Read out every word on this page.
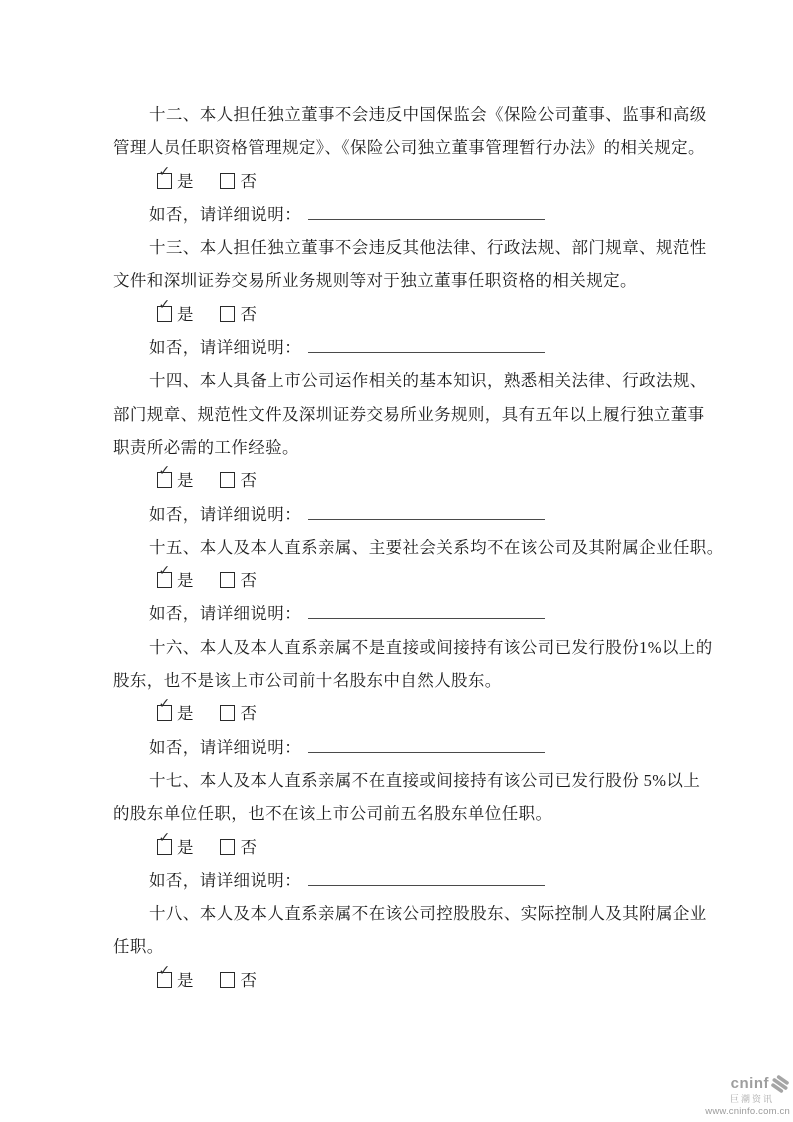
十二、本人担任独立董事不会违反中国保监会《保险公司董事、监事和高级
管理人员任职资格管理规定》、《保险公司独立董事管理暂行办法》的相关规定。
✓是	否
如否，请详细说明：
十三、本人担任独立董事不会违反其他法律、行政法规、部门规章、规范性
文件和深圳证券交易所业务规则等对于独立董事任职资格的相关规定。
✓是	否
如否，请详细说明：
十四、本人具备上市公司运作相关的基本知识，熟悉相关法律、行政法规、
部门规章、规范性文件及深圳证券交易所业务规则，具有五年以上履行独立董事
职责所必需的工作经验。
✓是	否
如否，请详细说明：
十五、本人及本人直系亲属、主要社会关系均不在该公司及其附属企业任职。
✓是	否
如否，请详细说明：
十六、本人及本人直系亲属不是直接或间接持有该公司已发行股份1%以上的
股东，也不是该上市公司前十名股东中自然人股东。
✓是	否
如否，请详细说明：
十七、本人及本人直系亲属不在直接或间接持有该公司已发行股份 5%以上
的股东单位任职，也不在该上市公司前五名股东单位任职。
✓是	否
如否，请详细说明：
十八、本人及本人直系亲属不在该公司控股股东、实际控制人及其附属企业
任职。
✓是	否
cninf
巨潮资讯
www.cninfo.com.cn
